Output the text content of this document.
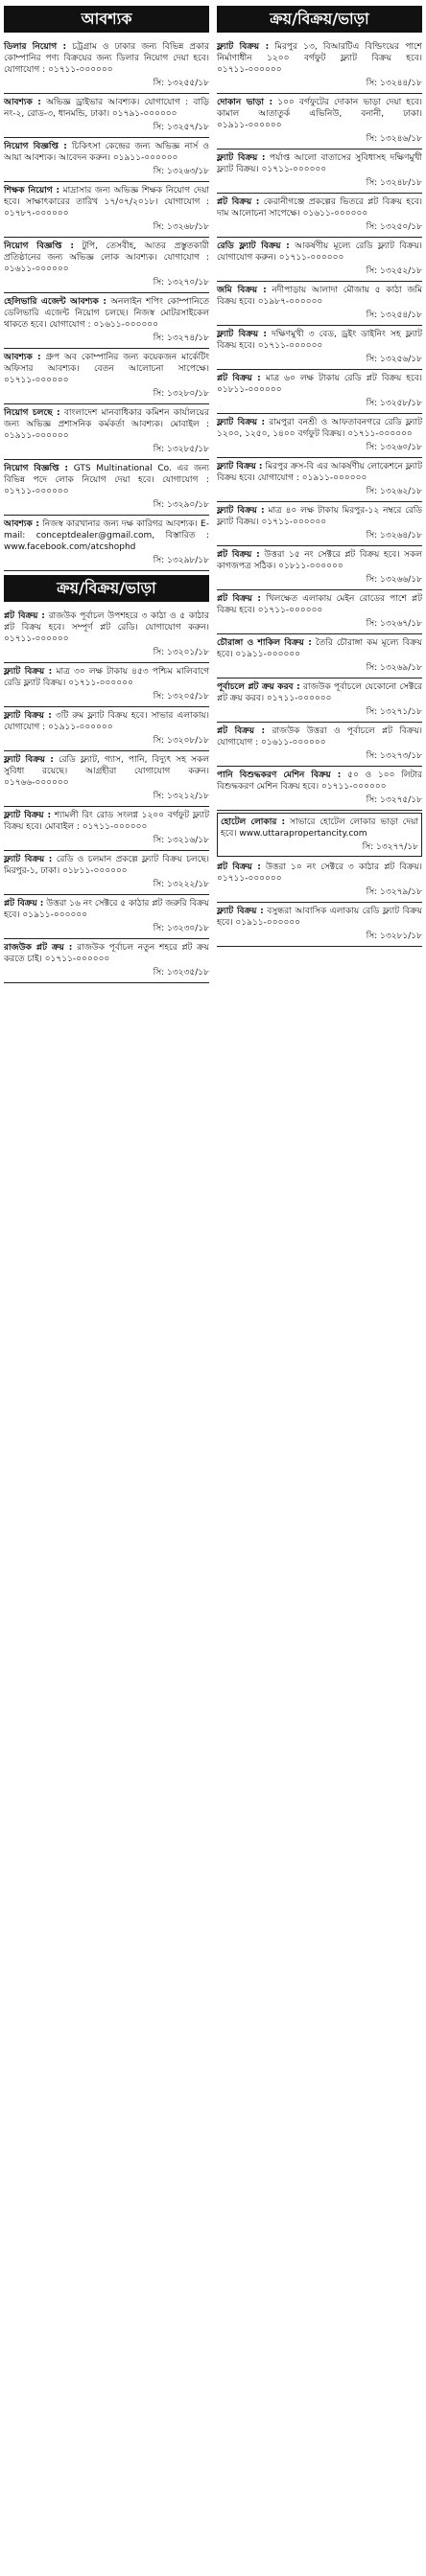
আবশ্যক
ডিলার নিয়োগ : চট্রগ্রাম ও ঢাকার জন্য বিভিন্ন প্রকার কোম্পানির পণ্য বিক্রয়ের জন্য ডিলার নিয়োগ দেয়া হবে। যোগাযোগ : ০১৭১১-০০০০০০
সি: ১৩২৫৫/১৮
আবশ্যক : অভিজ্ঞ ড্রাইভার আবশ্যক। যোগাযোগ : বাড়ি নং-২, রোড-৩, ধানমন্ডি, ঢাকা। ০১৭৯১-০০০০০০
সি: ১৩২৫৭/১৮
নিয়োগ বিজ্ঞপ্তি : চিকিৎসা কেন্দ্রের জন্য অভিজ্ঞ নার্স ও আয়া আবশ্যক। আবেদন করুন। ০১৯১১-০০০০০০
সি: ১৩২৬৩/১৮
শিক্ষক নিয়োগ : মাদ্রাসার জন্য অভিজ্ঞ শিক্ষক নিয়োগ দেয়া হবে। সাক্ষাৎকারের তারিখ ১৭/০৭/২০১৮। যোগাযোগ : ০১৭৮৭-০০০০০০
সি: ১৩২৬৮/১৮
নিয়োগ বিজ্ঞপ্তি : টুপি, তেসবীহ, আতর প্রস্তুতকারী প্রতিষ্ঠানের জন্য অভিজ্ঞ লোক আবশ্যক। যোগাযোগ : ০১৬১১-০০০০০০
সি: ১৩২৭০/১৮
হেলিভারি এজেন্ট আবশ্যক : অনলাইন শপিং কোম্পানিতে ডেলিভারি এজেন্ট নিয়োগ চলছে। নিজস্ব মোটরসাইকেল থাকতে হবে। যোগাযোগ : ০১৬১১-০০০০০০
সি: ১৩২৭৪/১৮
আবশ্যক : গ্রুপ অব কোম্পানির জন্য কয়েকজন মার্কেটিং অফিসার আবশ্যক। বেতন আলোচনা সাপেক্ষে। ০১৭১১-০০০০০০
সি: ১৩২৮০/১৮
নিয়োগ চলছে : বাংলাদেশ মানবাধিকার কমিশন কার্যালয়ের জন্য অভিজ্ঞ প্রশাসনিক কর্মকর্তা আবশ্যক। মোবাইল : ০১৯১১-০০০০০০
সি: ১৩২৮৫/১৮
নিয়োগ বিজ্ঞপ্তি : GTS Multinational Co. এর জন্য বিভিন্ন পদে লোক নিয়োগ দেয়া হবে। যোগাযোগ : ০১৭১১-০০০০০০
সি: ১৩২৯০/১৮
আবশ্যক : নিজস্ব কারখানার জন্য দক্ষ কারিগর আবশ্যক। E-mail: conceptdealer@gmail.com, বিস্তারিত : www.facebook.com/atcshophd
সি: ১৩২৯৮/১৮
ক্রয়/বিক্রয়/ভাড়া
প্লট বিক্রয় : রাজউক পূর্বাচল উপশহরে ৩ কাঠা ও ৫ কাঠার প্লট বিক্রয় হবে। সম্পূর্ণ প্লট রেডি। যোগাযোগ করুন। ০১৭১১-০০০০০০
সি: ১৩২০১/১৮
ফ্ল্যাট বিক্রয় : মাত্র ৩০ লক্ষ টাকায় ৪৫৩ পশ্চিম মালিবাগে রেডি ফ্ল্যাট বিক্রয়। ০১৭১১-০০০০০০
সি: ১৩২০৫/১৮
ফ্ল্যাট বিক্রয় : ৩টি রুম ফ্ল্যাট বিক্রয় হবে। সাভার এলাকায়। যোগাযোগ : ০১৯১১-০০০০০০
সি: ১৩২০৮/১৮
ফ্ল্যাট বিক্রয় : রেডি ফ্ল্যাট, গ্যাস, পানি, বিদ্যুৎ সহ সকল সুবিধা রয়েছে। আগ্রহীরা যোগাযোগ করুন। ০১৭৬৬-০০০০০০
সি: ১৩২১২/১৮
ফ্ল্যাট বিক্রয় : শ্যামলী রিং রোড সংলগ্ন ১২০০ বর্গফুট ফ্ল্যাট বিক্রয় হবে। মোবাইল : ০১৭১১-০০০০০০
সি: ১৩২১৬/১৮
ফ্ল্যাট বিক্রয় : রেডি ও চলমান প্রকল্পে ফ্ল্যাট বিক্রয় চলছে। মিরপুর-১, ঢাকা। ০১৮১১-০০০০০০
সি: ১৩২২২/১৮
প্লট বিক্রয় : উত্তরা ১৬ নং সেক্টরে ৫ কাঠার প্লট জরুরি বিক্রয় হবে। ০১৯১১-০০০০০০
সি: ১৩২৩০/১৮
রাজউক প্লট ক্রয় : রাজউক পূর্বাচল নতুন শহরে প্লট ক্রয় করতে চাই। ০১৭১১-০০০০০০
সি: ১৩২৩৫/১৮
ক্রয়/বিক্রয়/ভাড়া
ফ্ল্যাট বিক্রয় : মিরপুর ১৩, বিআরটিএ বিল্ডিংয়ের পাশে নির্মাণাধীন ১২০০ বর্গফুট ফ্ল্যাট বিক্রয় হবে। ০১৭১১-০০০০০০
সি: ১৩২৪৪/১৮
দোকান ভাড়া : ১০০ বর্গফুটের দোকান ভাড়া দেয়া হবে। কামাল আতাতুর্ক এভিনিউ, বনানী, ঢাকা। ০১৯১১-০০০০০০
সি: ১৩২৪৬/১৮
ফ্ল্যাট বিক্রয় : পর্যাপ্ত আলো বাতাসের সুবিধাসহ দক্ষিণমুখী ফ্ল্যাট বিক্রয়। ০১৭১১-০০০০০০
সি: ১৩২৪৮/১৮
প্লট বিক্রয় : কেরানীগঞ্জে প্রকল্পের ভিতরে প্লট বিক্রয় হবে। দাম আলোচনা সাপেক্ষে। ০১৬১১-০০০০০০
সি: ১৩২৫০/১৮
রেডি ফ্ল্যাট বিক্রয় : আকর্ষণীয় মূল্যে রেডি ফ্ল্যাট বিক্রয়। যোগাযোগ করুন। ০১৭১১-০০০০০০
সি: ১৩২৫২/১৮
জমি বিক্রয় : নদীপাড়ায় আলাদা মৌজায় ৫ কাঠা জমি বিক্রয় হবে। ০১৯৮৭-০০০০০০
সি: ১৩২৫৪/১৮
ফ্ল্যাট বিক্রয় : দক্ষিণমুখী ৩ বেড, ড্রইং ডাইনিং সহ ফ্ল্যাট বিক্রয় হবে। ০১৭১১-০০০০০০
সি: ১৩২৫৬/১৮
প্লট বিক্রয় : মাত্র ৬০ লক্ষ টাকায় রেডি প্লট বিক্রয় হবে। ০১৮১১-০০০০০০
সি: ১৩২৫৮/১৮
ফ্ল্যাট বিক্রয় : রামপুরা বনশ্রী ও আফতাবনগরে রেডি ফ্ল্যাট ১২০০, ১২৫০, ১৪০০ বর্গফুট বিক্রয়। ০১৭১১-০০০০০০
সি: ১৩২৬০/১৮
ফ্ল্যাট বিক্রয় : মিরপুর ক্রস-বি এর আকর্ষণীয় লোকেশনে ফ্ল্যাট বিক্রয় হবে। যোগাযোগ : ০১৯১১-০০০০০০
সি: ১৩২৬২/১৮
ফ্ল্যাট বিক্রয় : মাত্র ৪০ লক্ষ টাকায় মিরপুর-১২ নম্বরে রেডি ফ্ল্যাট বিক্রয়। ০১৭১১-০০০০০০
সি: ১৩২৬৪/১৮
প্লট বিক্রয় : উত্তরা ১৫ নং সেক্টরে প্লট বিক্রয় হবে। সকল কাগজপত্র সঠিক। ০১৮১১-০০০০০০
সি: ১৩২৬৬/১৮
প্লট বিক্রয় : খিলক্ষেত এলাকায় মেইন রোডের পাশে প্লট বিক্রয় হবে। ০১৭১১-০০০০০০
সি: ১৩২৬৭/১৮
চৌরাঙ্গা ও শাকিল বিক্রয় : তৈরি চৌরাঙ্গা কম মূল্যে বিক্রয় হবে। ০১৯১১-০০০০০০
সি: ১৩২৬৯/১৮
পূর্বাচলে প্লট ক্রয় করব : রাজউক পূর্বাচলে যেকোনো সেক্টরে প্লট ক্রয় করব। ০১৭১১-০০০০০০
সি: ১৩২৭১/১৮
প্লট বিক্রয় : রাজউক উত্তরা ও পূর্বাচলে প্লট বিক্রয়। যোগাযোগ : ০১৬১১-০০০০০০
সি: ১৩২৭৩/১৮
পানি বিশুদ্ধকরণ মেশিন বিক্রয় : ৫০ ও ১০০ লিটার বিশুদ্ধকরণ মেশিন বিক্রয় হবে। ০১৭১১-০০০০০০
সি: ১৩২৭৫/১৮
হোটেল লোকার : সাভারে হোটেল লোকার ভাড়া দেয়া হবে। www.uttarapropertancity.com
সি: ১৩২৭৭/১৮
প্লট বিক্রয় : উত্তরা ১০ নং সেক্টরে ৩ কাঠার প্লট বিক্রয়। ০১৭১১-০০০০০০
সি: ১৩২৭৯/১৮
ফ্ল্যাট বিক্রয় : বসুন্ধরা আবাসিক এলাকায় রেডি ফ্ল্যাট বিক্রয় হবে। ০১৯১১-০০০০০০
সি: ১৩২৮১/১৮
